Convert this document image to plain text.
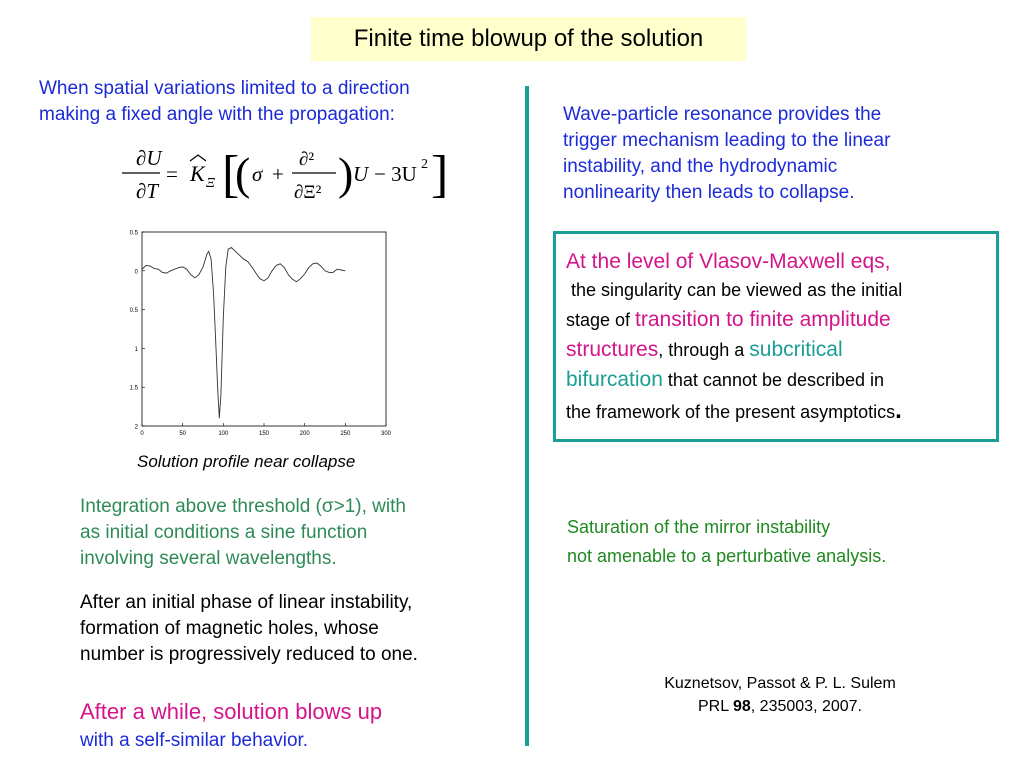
Finite time blowup of the solution
When spatial variations limited to a direction
making a fixed angle with the propagation:
∂U
∂T
= K Ξ [
( σ +
∂²
∂Ξ² ) U − 3U 2 ]
0.5
0
0.5
1
1.5
2
0	50	100	150	200	250	300
Solution profile near collapse
Integration above threshold (σ>1), with
as initial conditions a sine function
involving several wavelengths.
After an initial phase of linear instability,
formation of magnetic holes, whose
number is progressively reduced to one.
After a while, solution blows up
with a self-similar behavior.
Wave-particle resonance provides the
trigger mechanism leading to the linear
instability, and the hydrodynamic
nonlinearity then leads to collapse.
At the level of Vlasov-Maxwell eqs,
the singularity can be viewed as the initial
stage of transition to finite amplitude
structures, through a subcritical
bifurcation that cannot be described in
the framework of the present asymptotics.
Saturation of the mirror instability
not amenable to a perturbative analysis.
Kuznetsov, Passot & P. L. Sulem
PRL 98, 235003, 2007.
